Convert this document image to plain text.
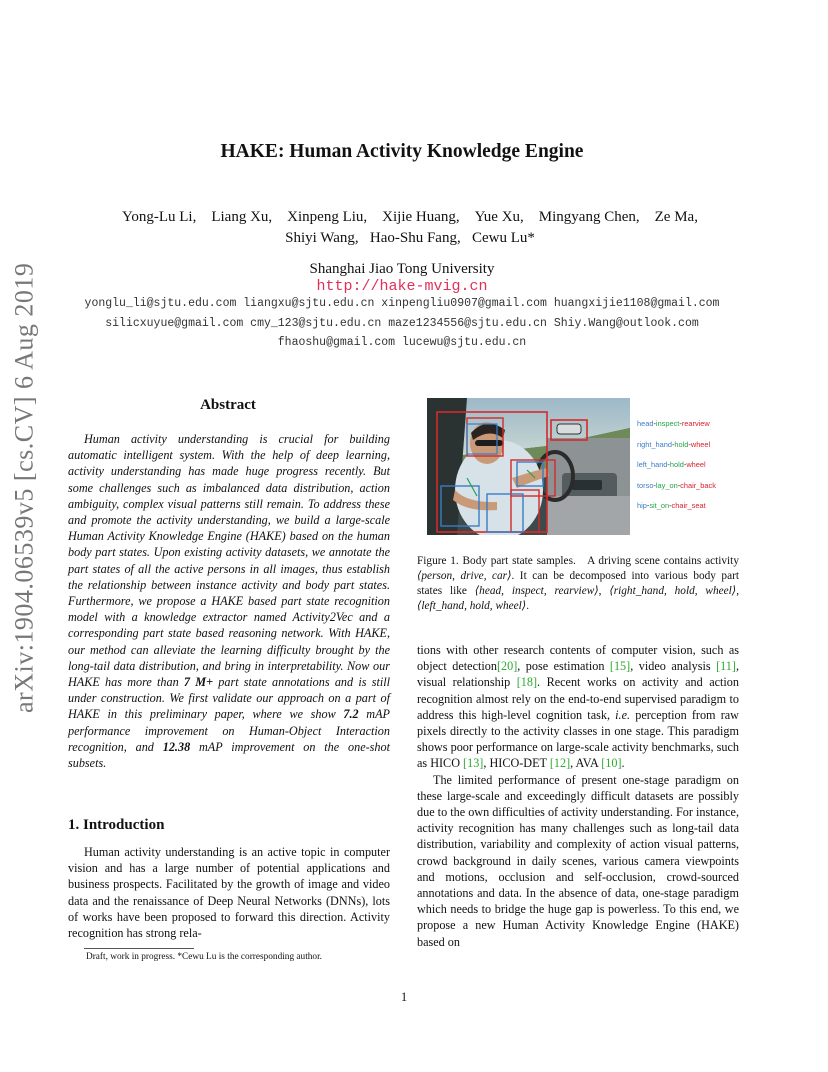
arXiv:1904.06539v5 [cs.CV] 6 Aug 2019
HAKE: Human Activity Knowledge Engine
Yong-Lu Li,    Liang Xu,    Xinpeng Liu,    Xijie Huang,    Yue Xu,    Mingyang Chen,    Ze Ma,
Shiyi Wang,   Hao-Shu Fang,   Cewu Lu*
Shanghai Jiao Tong University
http://hake-mvig.cn
yonglu_li@sjtu.edu.com liangxu@sjtu.edu.cn xinpengliu0907@gmail.com huangxijie1108@gmail.com
silicxuyue@gmail.com cmy_123@sjtu.edu.cn maze1234556@sjtu.edu.cn Shiy.Wang@outlook.com
fhaoshu@gmail.com lucewu@sjtu.edu.cn
Abstract
Human activity understanding is crucial for building automatic intelligent system. With the help of deep learning, activity understanding has made huge progress recently. But some challenges such as imbalanced data distribution, action ambiguity, complex visual patterns still remain. To address these and promote the activity understanding, we build a large-scale Human Activity Knowledge Engine (HAKE) based on the human body part states. Upon existing activity datasets, we annotate the part states of all the active persons in all images, thus establish the relationship between instance activity and body part states. Furthermore, we propose a HAKE based part state recognition model with a knowledge extractor named Activity2Vec and a corresponding part state based reasoning network. With HAKE, our method can alleviate the learning difficulty brought by the long-tail data distribution, and bring in interpretability. Now our HAKE has more than 7 M+ part state annotations and is still under construction. We first validate our approach on a part of HAKE in this preliminary paper, where we show 7.2 mAP performance improvement on Human-Object Interaction recognition, and 12.38 mAP improvement on the one-shot subsets.
1. Introduction
Human activity understanding is an active topic in computer vision and has a large number of potential applications and business prospects. Facilitated by the growth of image and video data and the renaissance of Deep Neural Networks (DNNs), lots of works have been proposed to forward this direction. Activity recognition has strong rela-
Draft, work in progress. *Cewu Lu is the corresponding author.
head-inspect-rearview
right_hand-hold-wheel
left_hand-hold-wheel
torso-lay_on-chair_back
hip-sit_on-chair_seat
Figure 1. Body part state samples. A driving scene contains activity ⟨person, drive, car⟩. It can be decomposed into various body part states like ⟨head, inspect, rearview⟩, ⟨right_hand, hold, wheel⟩, ⟨left_hand, hold, wheel⟩.

tions with other research contents of computer vision, such as object detection[20], pose estimation [15], video analysis [11], visual relationship [18]. Recent works on activity and action recognition almost rely on the end-to-end supervised paradigm to address this high-level cognition task, i.e. perception from raw pixels directly to the activity classes in one stage. This paradigm shows poor performance on large-scale activity benchmarks, such as HICO [13], HICO-DET [12], AVA [10].

The limited performance of present one-stage paradigm on these large-scale and exceedingly difficult datasets are possibly due to the own difficulties of activity understanding. For instance, activity recognition has many challenges such as long-tail data distribution, variability and complexity of action visual patterns, crowd background in daily scenes, various camera viewpoints and motions, occlusion and self-occlusion, crowd-sourced annotations and data. In the absence of data, one-stage paradigm which needs to bridge the huge gap is powerless. To this end, we propose a new Human Activity Knowledge Engine (HAKE) based on

1
